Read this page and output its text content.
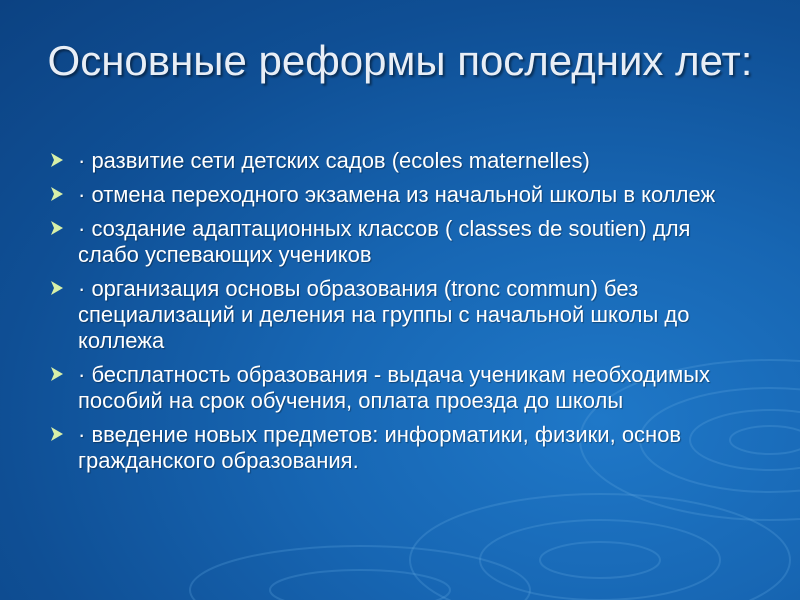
Основные реформы последних лет:
· развитие сети детских садов (ecoles maternelles)
· отмена переходного экзамена из начальной школы в коллеж
· создание адаптационных классов ( classes de soutien) для слабо успевающих учеников
· организация основы образования (tronc commun) без специализаций и деления на группы с начальной школы до коллежа
· бесплатность образования - выдача ученикам необходимых пособий на срок обучения, оплата проезда до школы
· введение новых предметов: информатики, физики, основ гражданского образования.
